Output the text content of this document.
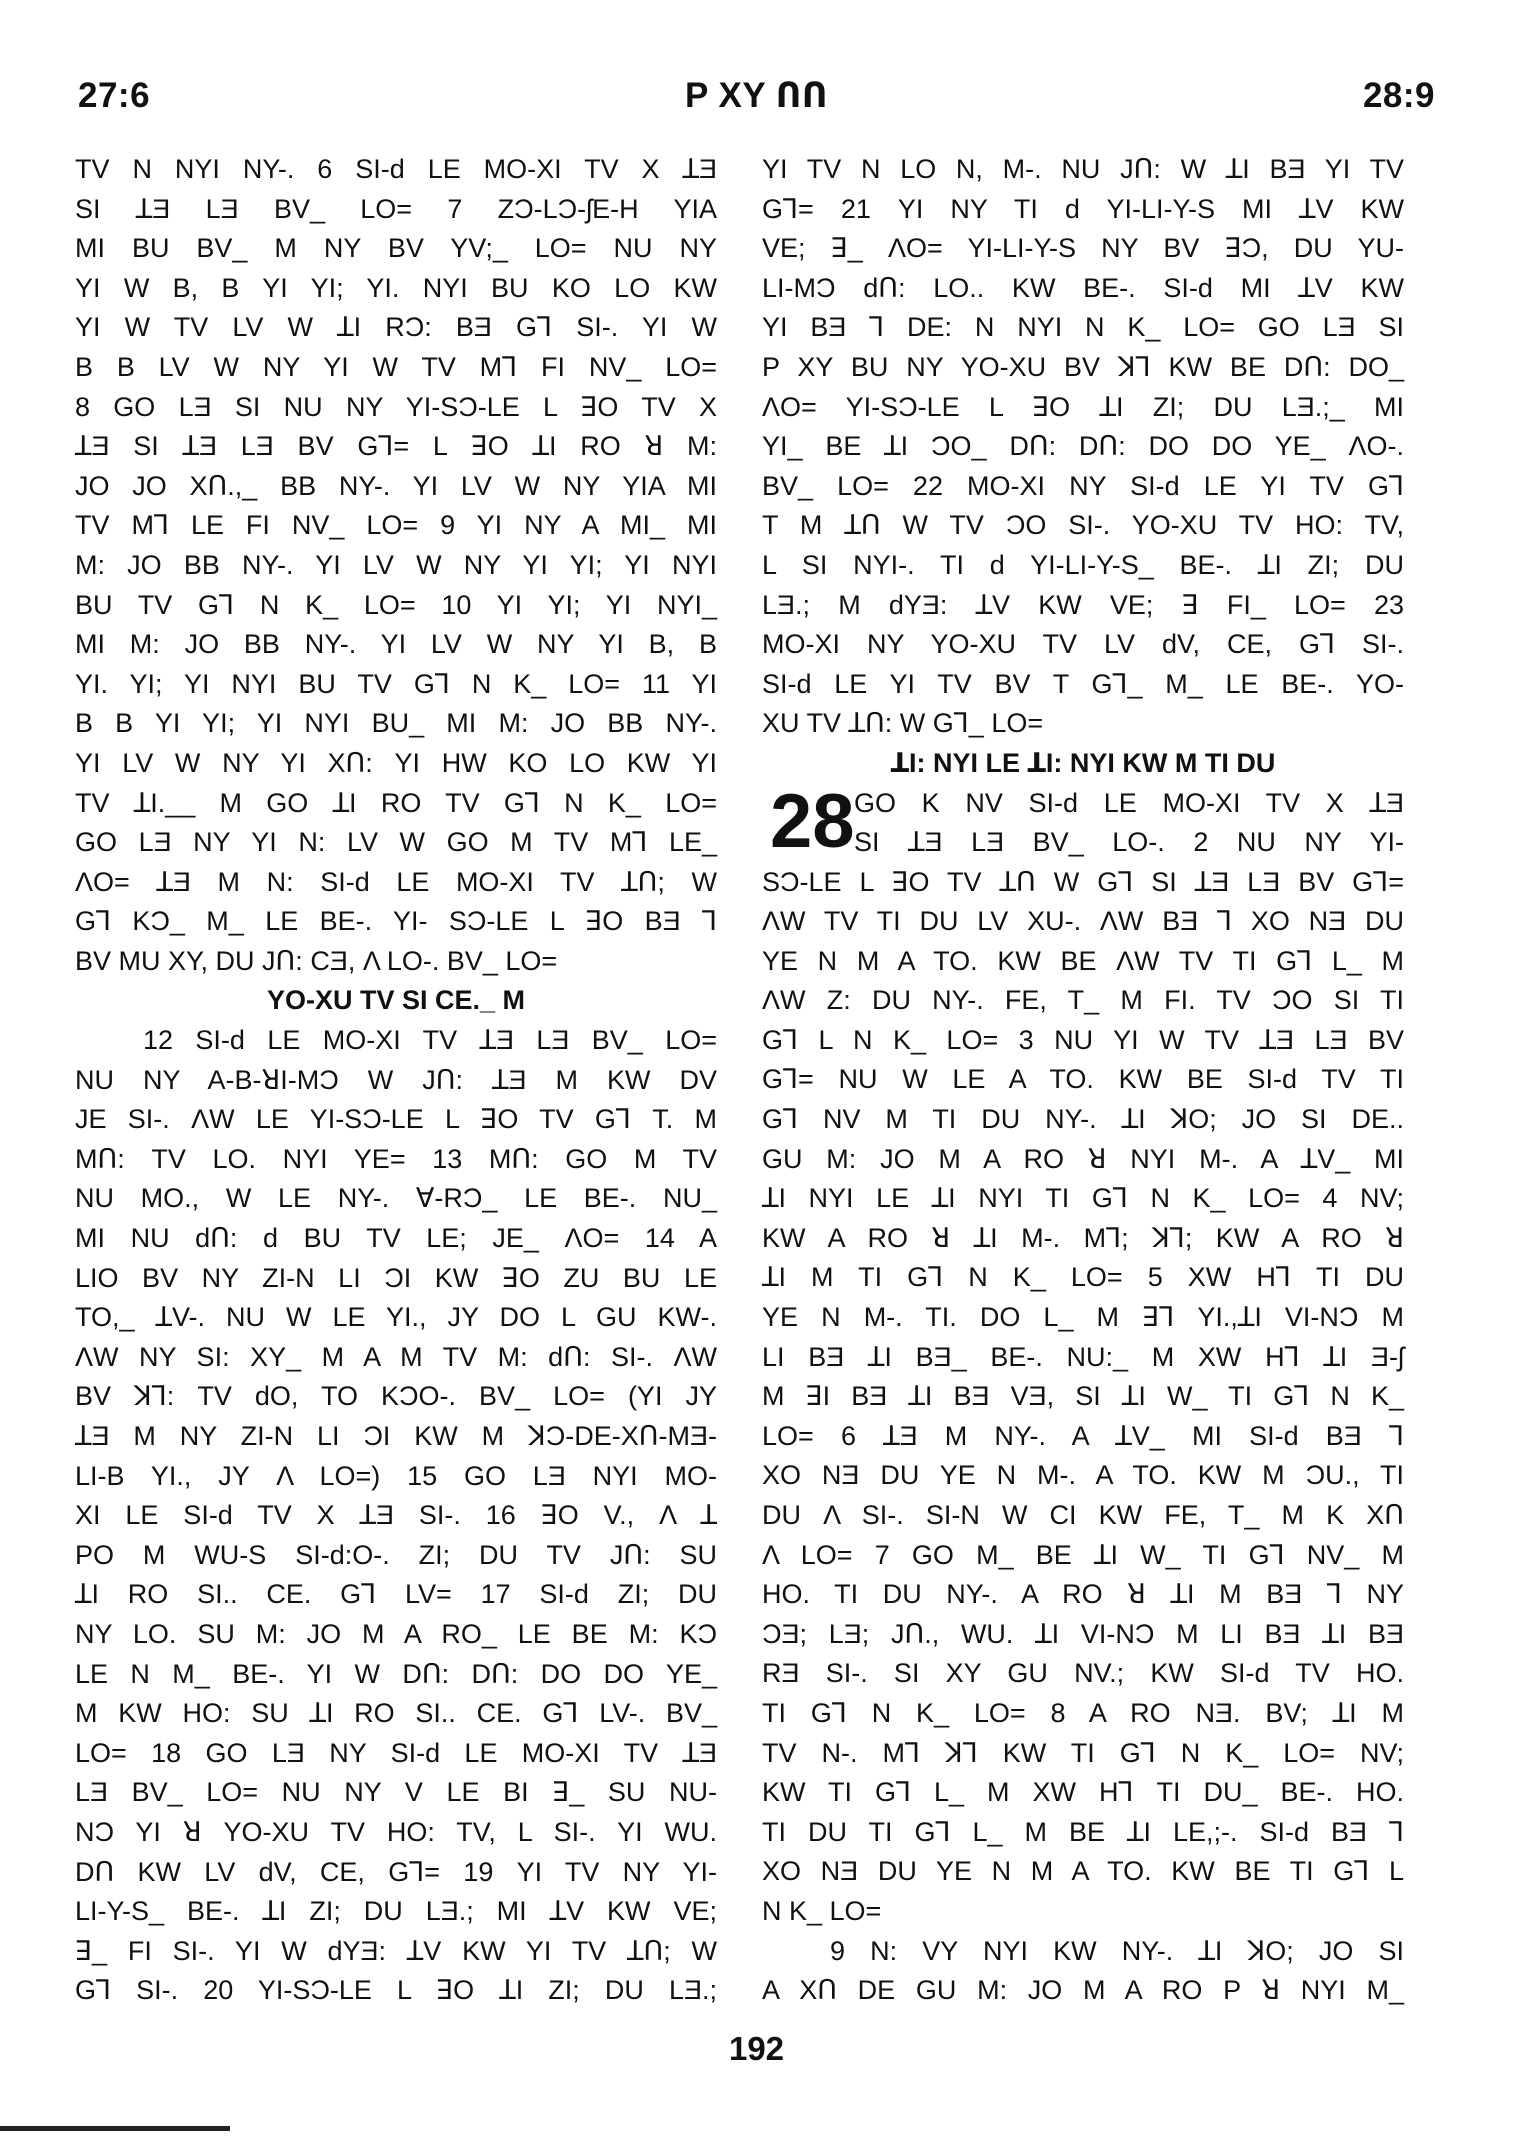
27:6	P XY ՈՈ	28:9
TV N NYI NY-. 6 SI-d LE MO-XI TV X ꓕƎ
SI ꓕƎ LƎ BV_ LO= 7 ZƆ-LƆ-ʃE-H YIA
MI BU BV_ M NY BV YV;_ LO= NU NY
YI W B, B YI YI; YI. NYI BU KO LO KW
YI W TV LV W ꓕI RƆ: BƎ Gꓶ SI-. YI W
B B LV W NY YI W TV Mꓶ FI NV_ LO=
8 GO LƎ SI NU NY YI-SƆ-LE L ꓱO TV X
ꓕƎ SI ꓕƎ LƎ BV Gꓶ= L ꓱO ꓕI RO ꓤ M:
JO JO XՈ.,_ BB NY-. YI LV W NY YIA MI
TV Mꓶ LE FI NV_ LO= 9 YI NY A MI_ MI
M: JO BB NY-. YI LV W NY YI YI; YI NYI
BU TV Gꓶ N K_ LO= 10 YI YI; YI NYI_
MI M: JO BB NY-. YI LV W NY YI B, B
YI. YI; YI NYI BU TV Gꓶ N K_ LO= 11 YI
B B YI YI; YI NYI BU_ MI M: JO BB NY-.
YI LV W NY YI XՈ: YI HW KO LO KW YI
TV ꓕI.__ M GO ꓕI RO TV Gꓶ N K_ LO=
GO LƎ NY YI N: LV W GO M TV Mꓶ LE_
ΛO= ꓕƎ M N: SI-d LE MO-XI TV ꓕՈ; W
Gꓶ KƆ_ M_ LE BE-. YI- SƆ-LE L ꓱO BƎ ꓶ
BV MU XY, DU JՈ: CƎ, Λ LO-. BV_ LO=
YO-XU TV SI CE._ M
12 SI-d LE MO-XI TV ꓕƎ LƎ BV_ LO=
NU NY A-B-ꓤI-MƆ W JՈ: ꓕƎ M KW DV
JE SI-. ΛW LE YI-SƆ-LE L ꓱO TV Gꓶ T. M
MՈ: TV LO. NYI YE= 13 MՈ: GO M TV
NU MO., W LE NY-. ꓯ-RƆ_ LE BE-. NU_
MI NU dՈ: d BU TV LE; JE_ ΛO= 14 A
LIO BV NY ZI-N LI ƆI KW ꓱO ZU BU LE
TO,_ ꓕV-. NU W LE YI., JY DO L GU KW-.
ΛW NY SI: XY_ M A M TV M: dՈ: SI-. ΛW
BV ꓘꓶ: TV dO, TO KƆO-. BV_ LO= (YI JY
ꓕƎ M NY ZI-N LI ƆI KW M ꓘƆ-DE-XՈ-MƎ-
LI-B YI., JY Λ LO=) 15 GO LƎ NYI MO-
XI LE SI-d TV X ꓕƎ SI-. 16 ꓱO V., Λ ꓕ
PO M WU-S SI-d:O-. ZI; DU TV JՈ: SU
ꓕI RO SI.. CE. Gꓶ LV= 17 SI-d ZI; DU
NY LO. SU M: JO M A RO_ LE BE M: KƆ
LE N M_ BE-. YI W DՈ: DՈ: DO DO YE_
M KW HO: SU ꓕI RO SI.. CE. Gꓶ LV-. BV_
LO= 18 GO LƎ NY SI-d LE MO-XI TV ꓕƎ
LƎ BV_ LO= NU NY V LE BI ꓱ_ SU NU-
NƆ YI ꓤ YO-XU TV HO: TV, L SI-. YI WU.
DՈ KW LV dV, CE, Gꓶ= 19 YI TV NY YI-
LI-Y-S_ BE-. ꓕI ZI; DU LƎ.; MI ꓕV KW VE;
ꓱ_ FI SI-. YI W dYƎ: ꓕV KW YI TV ꓕՈ; W
Gꓶ SI-. 20 YI-SƆ-LE L ꓱO ꓕI ZI; DU LƎ.;
YI TV N LO N, M-. NU JՈ: W ꓕI BƎ YI TV
Gꓶ= 21 YI NY TI d YI-LI-Y-S MI ꓕV KW
VE; ꓱ_ ΛO= YI-LI-Y-S NY BV ꓱƆ, DU YU-
LI-MƆ dՈ: LO.. KW BE-. SI-d MI ꓕV KW
YI BƎ ꓶ DE: N NYI N K_ LO= GO LƎ SI
P XY BU NY YO-XU BV ꓘꓶ KW BE DՈ: DO_
ΛO= YI-SƆ-LE L ꓱO ꓕI ZI; DU LƎ.;_ MI
YI_ BE ꓕI ƆO_ DՈ: DՈ: DO DO YE_ ΛO-.
BV_ LO= 22 MO-XI NY SI-d LE YI TV Gꓶ
T M ꓕՈ W TV ƆO SI-. YO-XU TV HO: TV,
L SI NYI-. TI d YI-LI-Y-S_ BE-. ꓕI ZI; DU
LƎ.; M dYƎ: ꓕV KW VE; ꓱ FI_ LO= 23
MO-XI NY YO-XU TV LV dV, CE, Gꓶ SI-.
SI-d LE YI TV BV T Gꓶ_ M_ LE BE-. YO-
XU TV ꓕՈ: W Gꓶ_ LO=
ꓕI: NYI LE ꓕI: NYI KW M TI DU
28 GO K NV SI-d LE MO-XI TV X ꓕƎ
SI ꓕƎ LƎ BV_ LO-. 2 NU NY YI-
SƆ-LE L ꓱO TV ꓕՈ W Gꓶ SI ꓕƎ LƎ BV Gꓶ=
ΛW TV TI DU LV XU-. ΛW BƎ ꓶ XO NƎ DU
YE N M A TO. KW BE ΛW TV TI Gꓶ L_ M
ΛW Z: DU NY-. FE, T_ M FI. TV ƆO SI TI
Gꓶ L N K_ LO= 3 NU YI W TV ꓕƎ LƎ BV
Gꓶ= NU W LE A TO. KW BE SI-d TV TI
Gꓶ NV M TI DU NY-. ꓕI ꓘO; JO SI DE..
GU M: JO M A RO ꓤ NYI M-. A ꓕV_ MI
ꓕI NYI LE ꓕI NYI TI Gꓶ N K_ LO= 4 NV;
KW A RO ꓤ ꓕI M-. Mꓶ; ꓘꓶ; KW A RO ꓤ
ꓕI M TI Gꓶ N K_ LO= 5 XW Hꓶ TI DU
YE N M-. TI. DO L_ M ꓱꓶ YI.,ꓕI VI-NƆ M
LI BƎ ꓕI BƎ_ BE-. NU:_ M XW Hꓶ ꓕI Ǝ-ʃ
M ꓱI BƎ ꓕI BƎ VƎ, SI ꓕI W_ TI Gꓶ N K_
LO= 6 ꓕƎ M NY-. A ꓕV_ MI SI-d BƎ ꓶ
XO NƎ DU YE N M-. A TO. KW M ƆU., TI
DU Λ SI-. SI-N W CI KW FE, T_ M K XՈ
Λ LO= 7 GO M_ BE ꓕI W_ TI Gꓶ NV_ M
HO. TI DU NY-. A RO ꓤ ꓕI M BƎ ꓶ NY
ƆƎ; LƎ; JՈ., WU. ꓕI VI-NƆ M LI BƎ ꓕI BƎ
RƎ SI-. SI XY GU NV.; KW SI-d TV HO.
TI Gꓶ N K_ LO= 8 A RO NƎ. BV; ꓕI M
TV N-. Mꓶ ꓘꓶ KW TI Gꓶ N K_ LO= NV;
KW TI Gꓶ L_ M XW Hꓶ TI DU_ BE-. HO.
TI DU TI Gꓶ L_ M BE ꓕI LE,;-. SI-d BƎ ꓶ
XO NƎ DU YE N M A TO. KW BE TI Gꓶ L
N K_ LO=
9 N: VY NYI KW NY-. ꓕI ꓘO; JO SI
A XՈ DE GU M: JO M A RO P ꓤ NYI M_
192
